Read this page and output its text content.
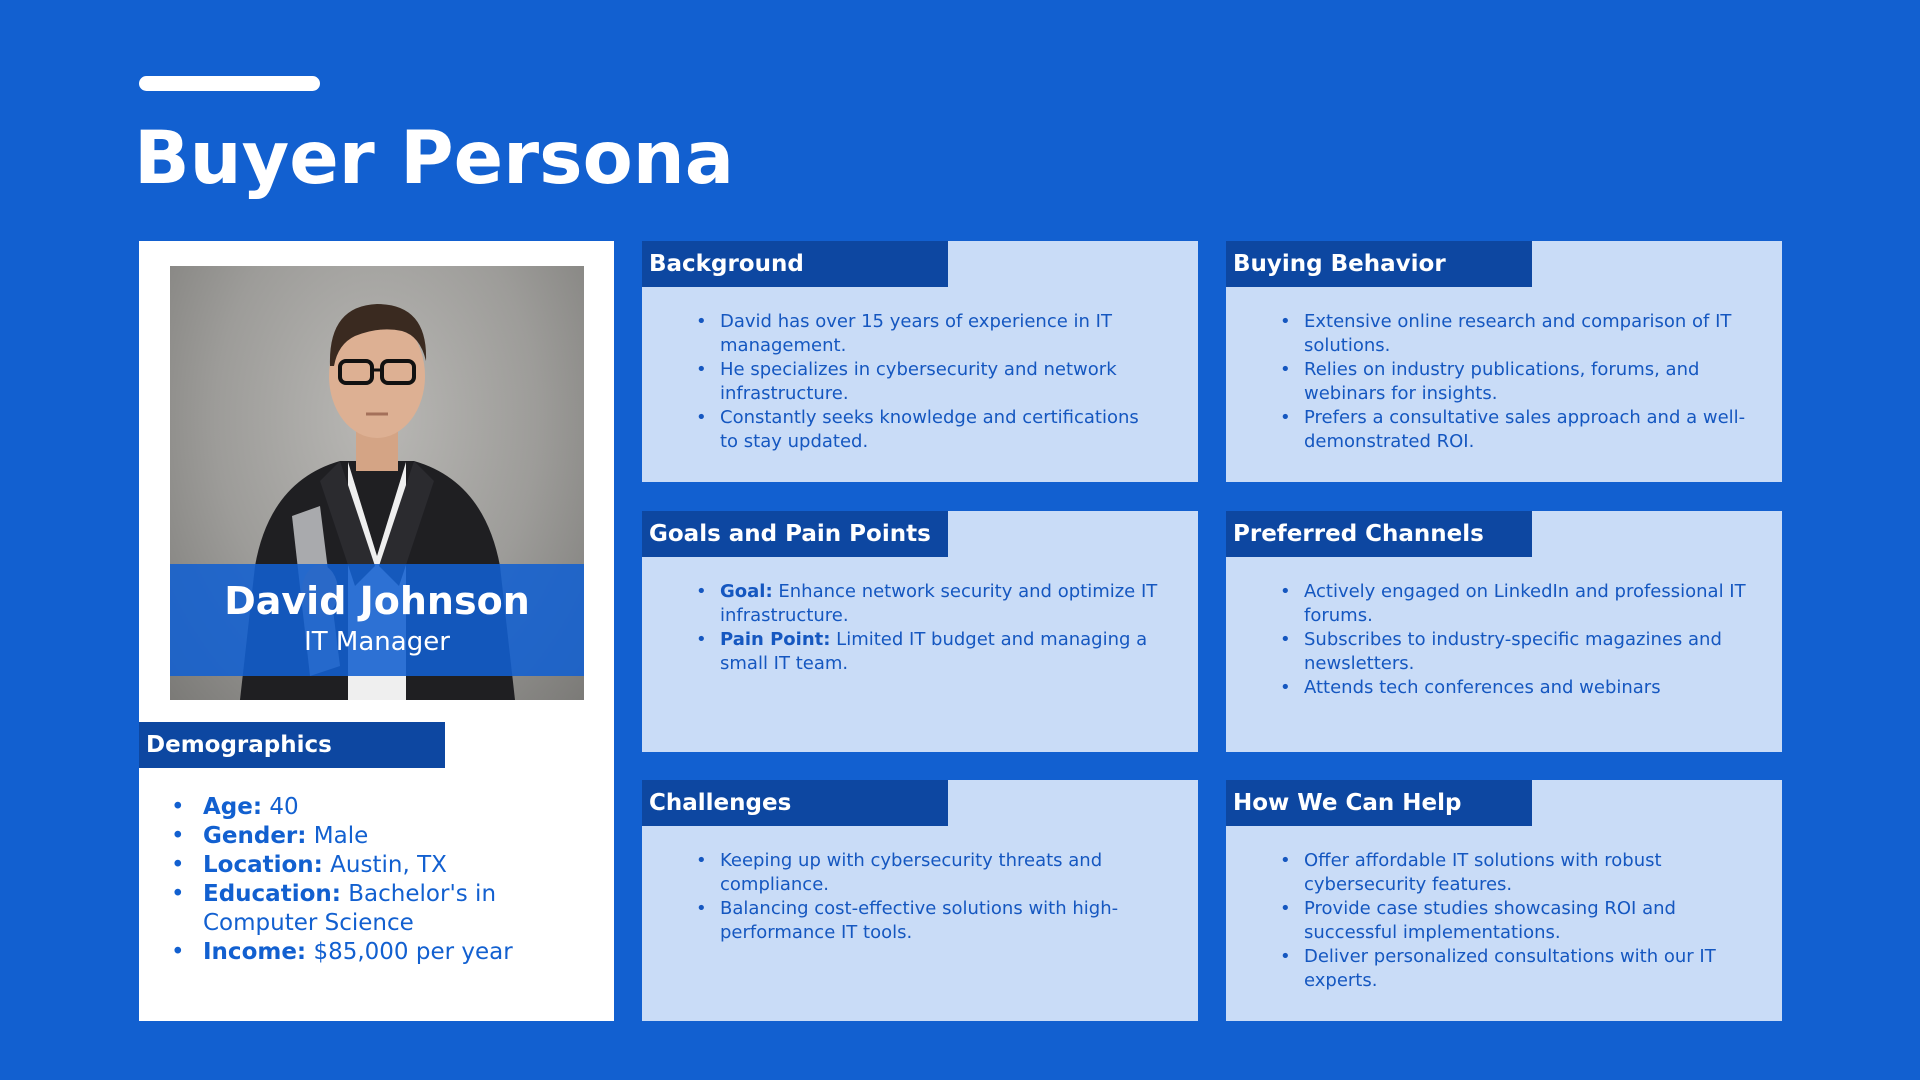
Buyer Persona
David Johnson
IT Manager
Demographics
• Age: 40
• Gender: Male
• Location: Austin, TX
• Education: Bachelor's in Computer Science
• Income: $85,000 per year
Background
• David has over 15 years of experience in IT management.
• He specializes in cybersecurity and network infrastructure.
• Constantly seeks knowledge and certifications to stay updated.
Buying Behavior
• Extensive online research and comparison of IT solutions.
• Relies on industry publications, forums, and webinars for insights.
• Prefers a consultative sales approach and a well-demonstrated ROI.
Goals and Pain Points
• Goal: Enhance network security and optimize IT infrastructure.
• Pain Point: Limited IT budget and managing a small IT team.
Preferred Channels
• Actively engaged on LinkedIn and professional IT forums.
• Subscribes to industry-specific magazines and newsletters.
• Attends tech conferences and webinars
Challenges
• Keeping up with cybersecurity threats and compliance.
• Balancing cost-effective solutions with high-performance IT tools.
How We Can Help
• Offer affordable IT solutions with robust cybersecurity features.
• Provide case studies showcasing ROI and successful implementations.
• Deliver personalized consultations with our IT experts.
